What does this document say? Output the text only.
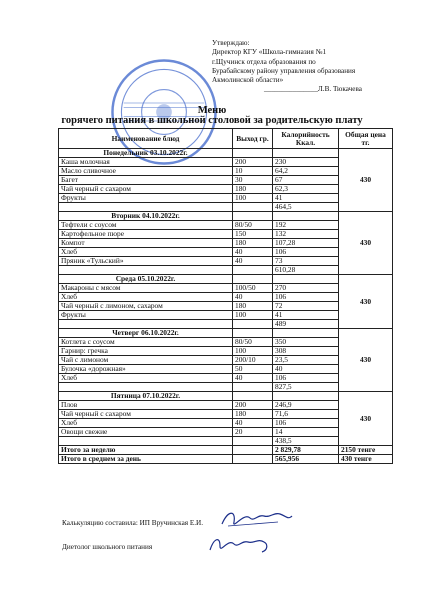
Утверждаю:
Директор КГУ «Школа-гимназия №1
г.Щучинск отдела образования по
Бурабайскому району управления образования
Акмолинской области»
_______________Л.В. Тюкачева
Меню
горячего питания в школьной столовой за родительскую плату
Наименование блюд	Выход гр.	Калорийность Ккал.	Общая цена тг.
Понедельник 03.10.2022г.			430
Каша молочная	200	230	
Масло сливочное	10	64,2	
Багет	30	67	
Чай черный с сахаром	180	62,3	
Фрукты	100	41	
		464,5	
Вторник 04.10.2022г.			430
Тефтели с соусом	80/50	192	
Картофельное пюре	150	132	
Компот	180	107,28	
Хлеб	40	106	
Пряник «Тульский»	40	73	
		610,28	
Среда 05.10.2022г.			430
Макароны с мясом	100/50	270	
Хлеб	40	106	
Чай черный с лимоном, сахаром	180	72	
Фрукты	100	41	
		489	
Четверг 06.10.2022г.			430
Котлета с соусом	80/50	350	
Гарнир: гречка	100	308	
Чай с лимоном	200/10	23,5	
Булочка «дорожная»	50	40	
Хлеб	40	106	
		827,5	
Пятница 07.10.2022г.			430
Плов	200	246,9	
Чай черный с сахаром	180	71,6	
Хлеб	40	106	
Овощи свежие	20	14	
		438,5	
Итого за неделю		2 829,78	2150 тенге
Итого в среднем за день		565,956	430 тенге
Калькуляцию составила: ИП Вручинская Е.И.
Диетолог школьного питания
